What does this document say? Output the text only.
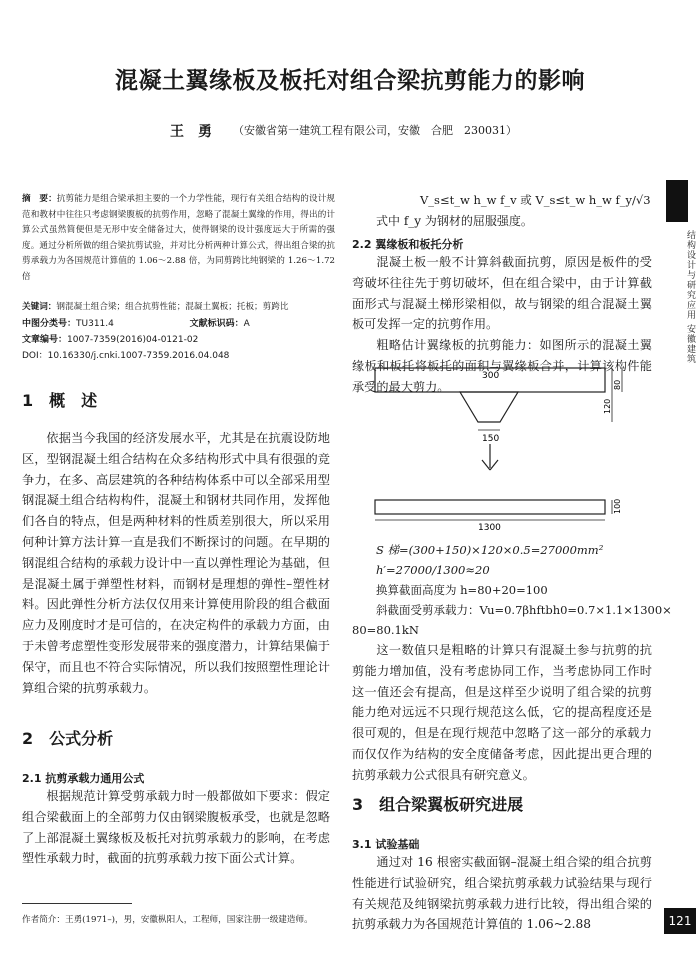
混凝土翼缘板及板托对组合梁抗剪能力的影响
王勇 （安徽省第一建筑工程有限公司，安徽　合肥　230031）
摘　要：抗剪能力是组合梁承担主要的一个力学性能，现行有关组合结构的设计规范和教材中往往只考虑钢梁腹板的抗剪作用，忽略了混凝土翼缘的作用，得出的计算公式虽然简便但是无形中安全储备过大，使得钢梁的设计强度远大于所需的强度。通过分析所做的组合梁抗剪试验，并对比分析两种计算公式，得出组合梁的抗剪承载力为各国规范计算值的 1.06～2.88 倍，为同剪跨比纯钢梁的 1.26～1.72 倍
关键词：钢混凝土组合梁；组合抗剪性能；混凝土翼板；托板；剪跨比
中图分类号：TU311.4	文献标识码：A
文章编号：1007-7359(2016)04-0121-02
DOI：10.16330/j.cnki.1007-7359.2016.04.048
1　概　述

依据当今我国的经济发展水平，尤其是在抗震设防地区，型钢混凝土组合结构在众多结构形式中具有很强的竞争力，在多、高层建筑的各种结构体系中可以全部采用型钢混凝土组合结构构件，混凝土和钢材共同作用，发挥他们各自的特点，但是两种材料的性质差别很大，所以采用何种计算方法计算一直是我们不断探讨的问题。在早期的钢混组合结构的承载力设计中一直以弹性理论为基础，但是混凝土属于弹塑性材料，而钢材是理想的弹性–塑性材料。因此弹性分析方法仅仅用来计算使用阶段的组合截面应力及刚度时才是可信的，在决定构件的承载力方面，由于未曾考虑塑性变形发展带来的强度潜力，计算结果偏于保守，而且也不符合实际情况，所以我们按照塑性理论计算组合梁的抗剪承载力。

2　公式分析
2.1 抗剪承载力通用公式

根据规范计算受剪承载力时一般都做如下要求：假定组合梁截面上的全部剪力仅由钢梁腹板承受，也就是忽略了上部混凝土翼缘板及板托对抗剪承载力的影响，在考虑塑性承载力时，截面的抗剪承载力按下面公式计算。

V_s≤t_w h_w f_v 或 V_s≤t_w h_w f_y/√3
式中 f_y 为钢材的屈服强度。
2.2 翼缘板和板托分析

混凝土板一般不计算斜截面抗剪，原因是板件的受弯破坏往往先于剪切破坏，但在组合梁中，由于计算截面形式与混凝土梯形梁相似，故与钢梁的组合混凝土翼板可发挥一定的抗剪作用。

粗略估计翼缘板的抗剪能力：如图所示的混凝土翼缘板和板托将板托的面积与翼缘板合并，计算该构件能承受的最大剪力。

300
150
120
80
1300
100
S 梯=(300+150)×120×0.5=27000mm²
h′=27000/1300≈20
换算截面高度为 h=80+20=100
斜截面受剪承载力：Vu=0.7βhftbh0=0.7×1.1×1300×
80=80.1kN

这一数值只是粗略的计算只有混凝土参与抗剪的抗剪能力增加值，没有考虑协同工作，当考虑协同工作时这一值还会有提高，但是这样至少说明了组合梁的抗剪能力绝对远远不只现行规范这么低，它的提高程度还是很可观的，但是在现行规范中忽略了这一部分的承载力而仅仅作为结构的安全度储备考虑，因此提出更合理的抗剪承载力公式很具有研究意义。

3　组合梁翼板研究进展
3.1 试验基础

通过对 16 根密实截面钢–混凝土组合梁的组合抗剪性能进行试验研究，组合梁抗剪承载力试验结果与现行有关规范及纯钢梁抗剪承载力进行比较，得出组合梁的抗剪承载力为各国规范计算值的 1.06~2.88

作者简介：王勇(1971–)，男，安徽枞阳人，工程师，国家注册一级建造师。
结构设计与研究应用 安徽建筑
121
